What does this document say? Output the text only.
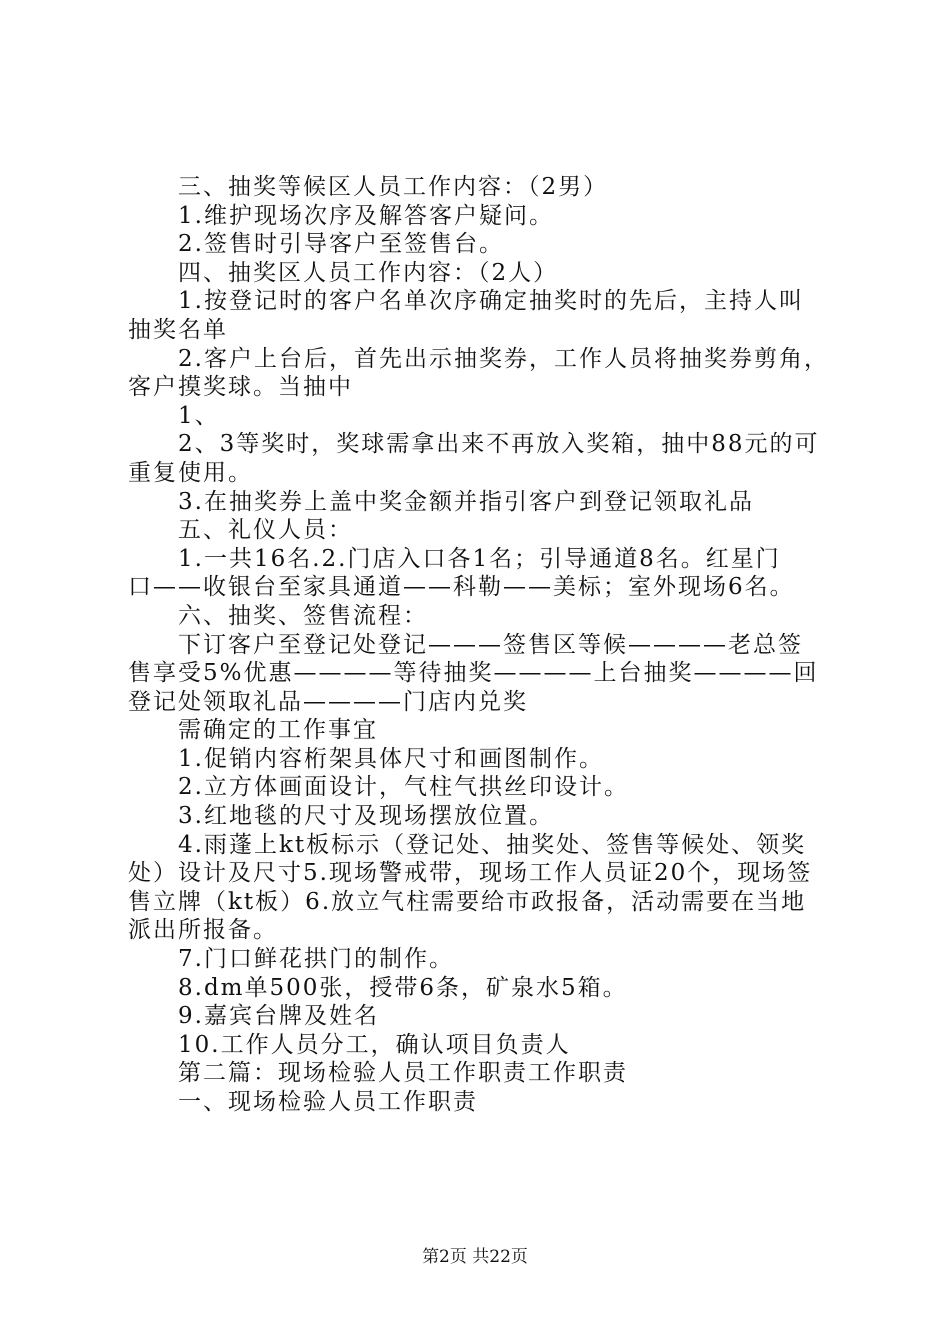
三、抽奖等候区人员工作内容：（2男）

1.维护现场次序及解答客户疑问。

2.签售时引导客户至签售台。

四、抽奖区人员工作内容：（2人）

1.按登记时的客户名单次序确定抽奖时的先后，主持人叫

抽奖名单

2.客户上台后，首先出示抽奖券，工作人员将抽奖券剪角，

客户摸奖球。当抽中

1、

2、3等奖时，奖球需拿出来不再放入奖箱，抽中88元的可

重复使用。

3.在抽奖券上盖中奖金额并指引客户到登记领取礼品

五、礼仪人员：

1.一共16名.2.门店入口各1名；引导通道8名。红星门

口——收银台至家具通道——科勒——美标；室外现场6名。

六、抽奖、签售流程：

下订客户至登记处登记———签售区等候————老总签

售享受5%优惠————等待抽奖————上台抽奖————回

登记处领取礼品————门店内兑奖

需确定的工作事宜

1.促销内容桁架具体尺寸和画图制作。

2.立方体画面设计，气柱气拱丝印设计。

3.红地毯的尺寸及现场摆放位置。

4.雨蓬上kt板标示（登记处、抽奖处、签售等候处、领奖

处）设计及尺寸5.现场警戒带，现场工作人员证20个，现场签

售立牌（kt板）6.放立气柱需要给市政报备，活动需要在当地

派出所报备。

7.门口鲜花拱门的制作。

8.dm单500张，授带6条，矿泉水5箱。

9.嘉宾台牌及姓名

10.工作人员分工，确认项目负责人

第二篇：现场检验人员工作职责工作职责

一、现场检验人员工作职责

第2页 共22页
